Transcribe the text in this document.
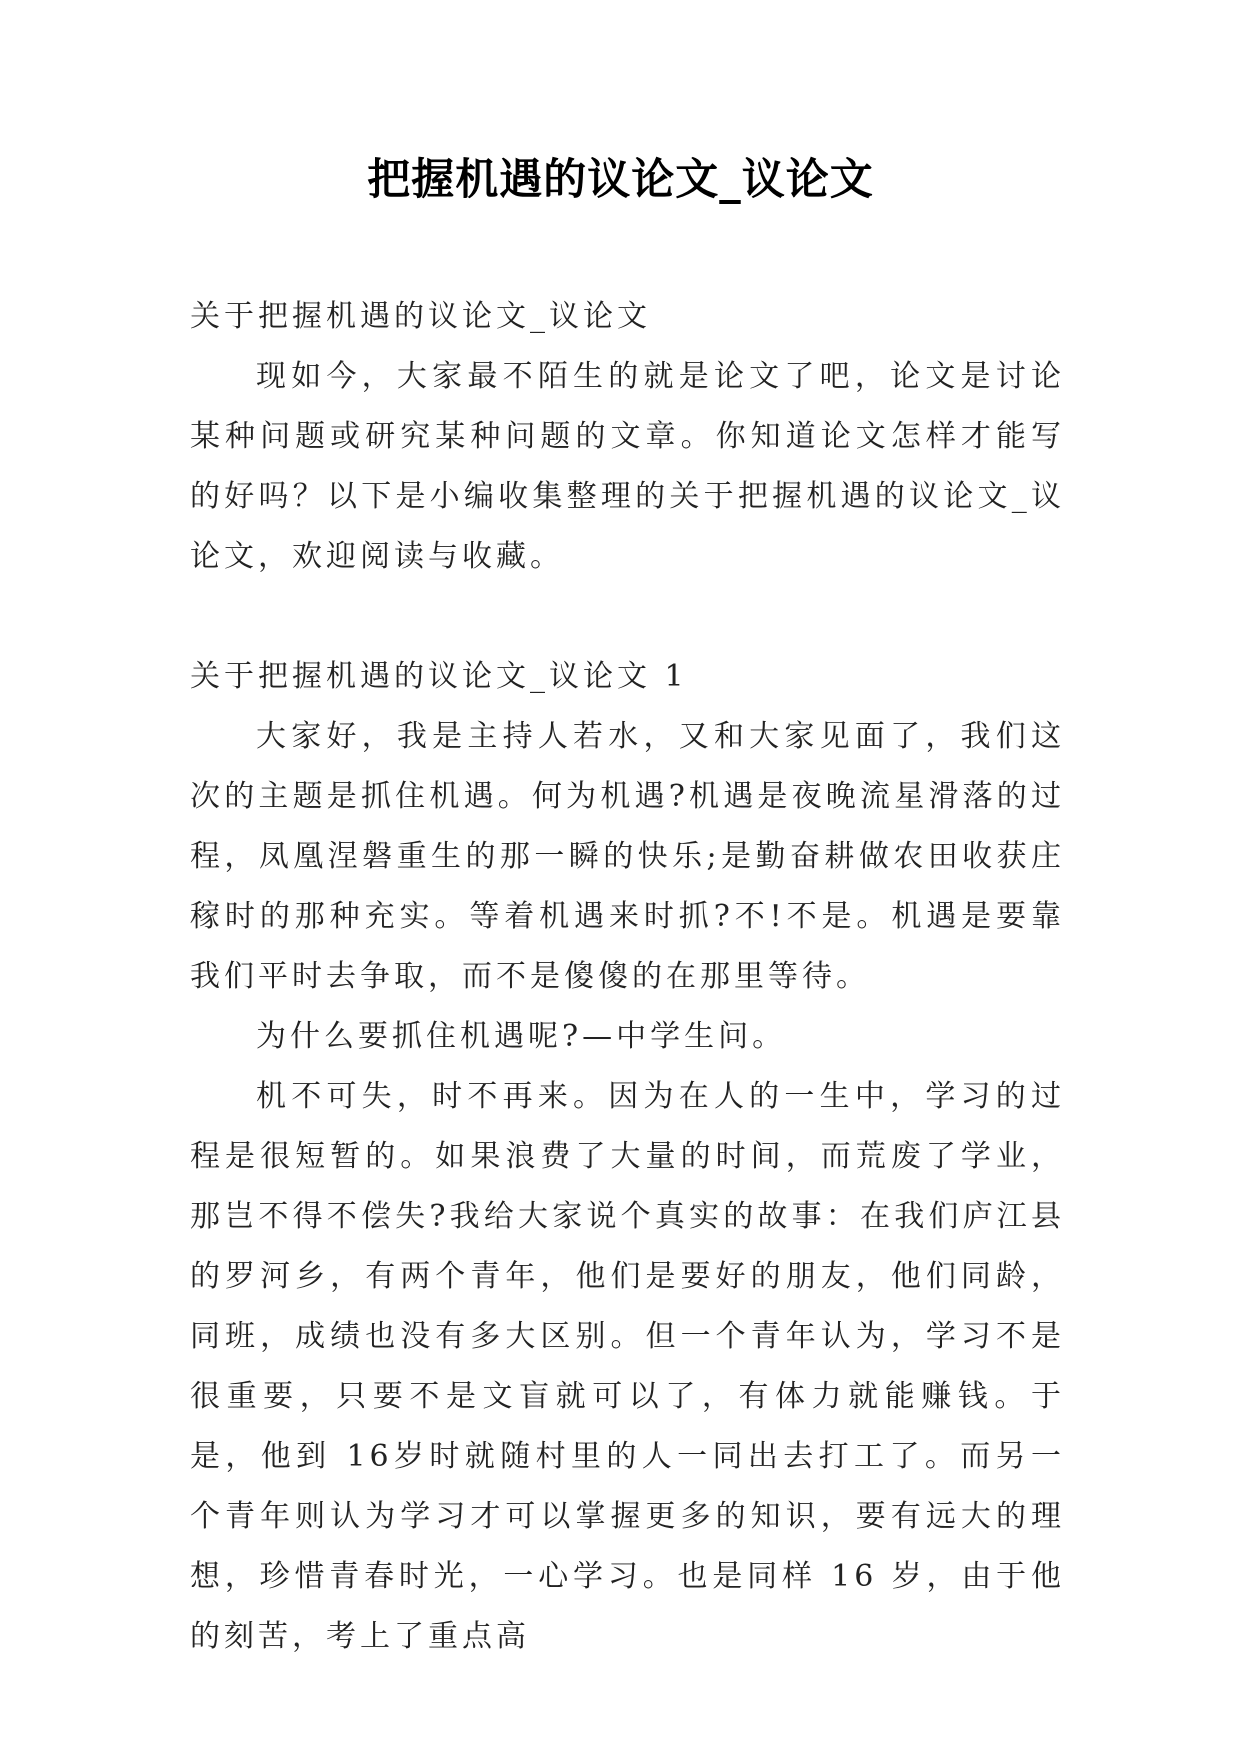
把握机遇的议论文_议论文

关于把握机遇的议论文_议论文

现如今，大家最不陌生的就是论文了吧，论文是讨论某种问题或研究某种问题的文章。你知道论文怎样才能写的好吗？以下是小编收集整理的关于把握机遇的议论文_议论文，欢迎阅读与收藏。

关于把握机遇的议论文_议论文 1

大家好，我是主持人若水，又和大家见面了，我们这次的主题是抓住机遇。何为机遇?机遇是夜晚流星滑落的过程，凤凰涅磐重生的那一瞬的快乐;是勤奋耕做农田收获庄稼时的那种充实。等着机遇来时抓?不!不是。机遇是要靠我们平时去争取，而不是傻傻的在那里等待。

为什么要抓住机遇呢?—中学生问。

机不可失，时不再来。因为在人的一生中，学习的过程是很短暂的。如果浪费了大量的时间，而荒废了学业，那岂不得不偿失?我给大家说个真实的故事：在我们庐江县的罗河乡，有两个青年，他们是要好的朋友，他们同龄，同班，成绩也没有多大区别。但一个青年认为，学习不是很重要，只要不是文盲就可以了，有体力就能赚钱。于是，他到 16岁时就随村里的人一同出去打工了。而另一个青年则认为学习才可以掌握更多的知识，要有远大的理想，珍惜青春时光，一心学习。也是同样 16 岁，由于他的刻苦，考上了重点高
